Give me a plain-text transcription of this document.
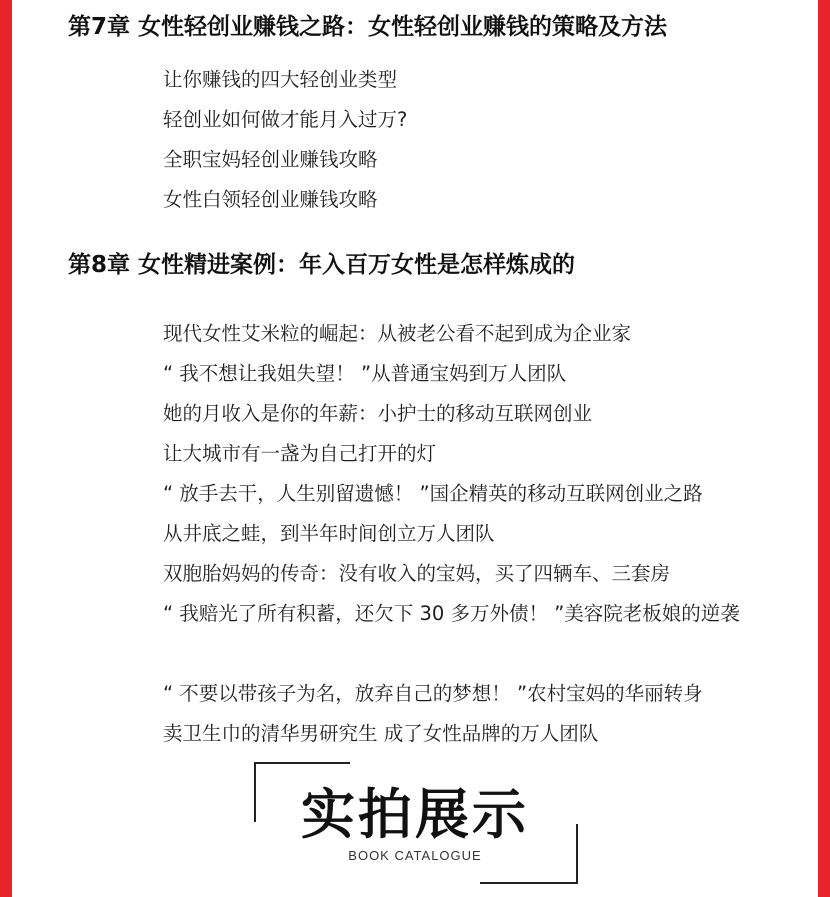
第7章 女性轻创业赚钱之路：女性轻创业赚钱的策略及方法
让你赚钱的四大轻创业类型
轻创业如何做才能月入过万?
全职宝妈轻创业赚钱攻略
女性白领轻创业赚钱攻略
第8章 女性精进案例：年入百万女性是怎样炼成的
现代女性艾米粒的崛起：从被老公看不起到成为企业家
“ 我不想让我姐失望！ ”从普通宝妈到万人团队
她的月收入是你的年薪：小护士的移动互联网创业
让大城市有一盏为自己打开的灯
“ 放手去干，人生别留遗憾！ ”国企精英的移动互联网创业之路
从井底之蛙，到半年时间创立万人团队
双胞胎妈妈的传奇：没有收入的宝妈，买了四辆车、三套房
“ 我赔光了所有积蓄，还欠下 30 多万外债！ ”美容院老板娘的逆袭
“ 不要以带孩子为名，放弃自己的梦想！ ”农村宝妈的华丽转身
卖卫生巾的清华男研究生 成了女性品牌的万人团队
实拍展示
BOOK CATALOGUE
